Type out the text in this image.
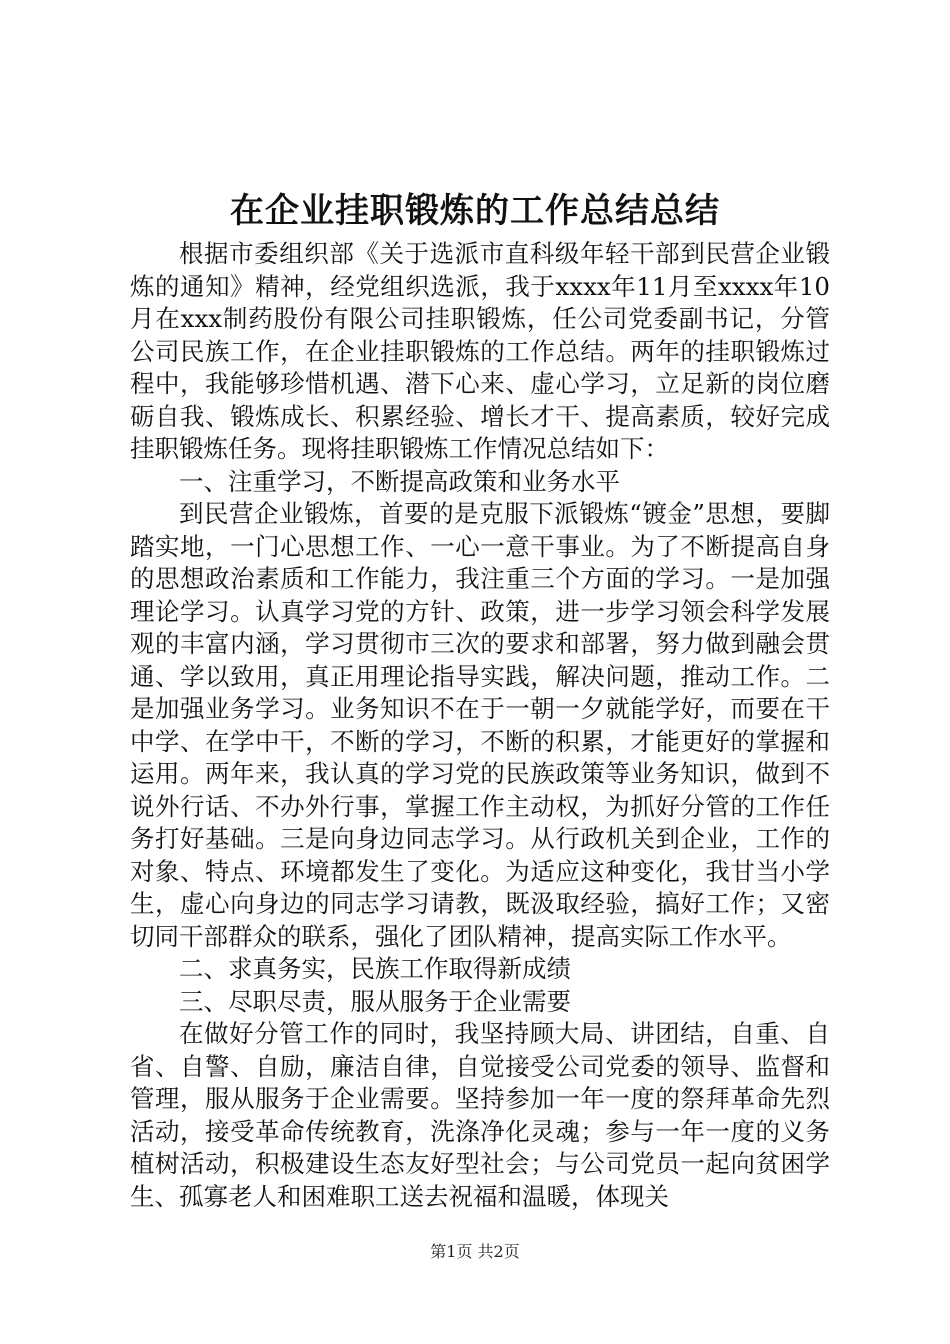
在企业挂职锻炼的工作总结总结

根据市委组织部《关于选派市直科级年轻干部到民营企业锻炼的通知》精神，经党组织选派，我于xxxx年11月至xxxx年10月在xxx制药股份有限公司挂职锻炼，任公司党委副书记，分管公司民族工作，在企业挂职锻炼的工作总结。两年的挂职锻炼过程中，我能够珍惜机遇、潜下心来、虚心学习，立足新的岗位磨砺自我、锻炼成长、积累经验、增长才干、提高素质，较好完成挂职锻炼任务。现将挂职锻炼工作情况总结如下：

一、注重学习，不断提高政策和业务水平

到民营企业锻炼，首要的是克服下派锻炼“镀金”思想，要脚踏实地，一门心思想工作、一心一意干事业。为了不断提高自身的思想政治素质和工作能力，我注重三个方面的学习。一是加强理论学习。认真学习党的方针、政策，进一步学习领会科学发展观的丰富内涵，学习贯彻市三次的要求和部署，努力做到融会贯通、学以致用，真正用理论指导实践，解决问题，推动工作。二是加强业务学习。业务知识不在于一朝一夕就能学好，而要在干中学、在学中干，不断的学习，不断的积累，才能更好的掌握和运用。两年来，我认真的学习党的民族政策等业务知识，做到不说外行话、不办外行事，掌握工作主动权，为抓好分管的工作任务打好基础。三是向身边同志学习。从行政机关到企业，工作的对象、特点、环境都发生了变化。为适应这种变化，我甘当小学生，虚心向身边的同志学习请教，既汲取经验，搞好工作；又密切同干部群众的联系，强化了团队精神，提高实际工作水平。

二、求真务实，民族工作取得新成绩

三、尽职尽责，服从服务于企业需要

在做好分管工作的同时，我坚持顾大局、讲团结，自重、自省、自警、自励，廉洁自律，自觉接受公司党委的领导、监督和管理，服从服务于企业需要。坚持参加一年一度的祭拜革命先烈活动，接受革命传统教育，洗涤净化灵魂；参与一年一度的义务植树活动，积极建设生态友好型社会；与公司党员一起向贫困学生、孤寡老人和困难职工送去祝福和温暖，体现关

第1页 共2页
